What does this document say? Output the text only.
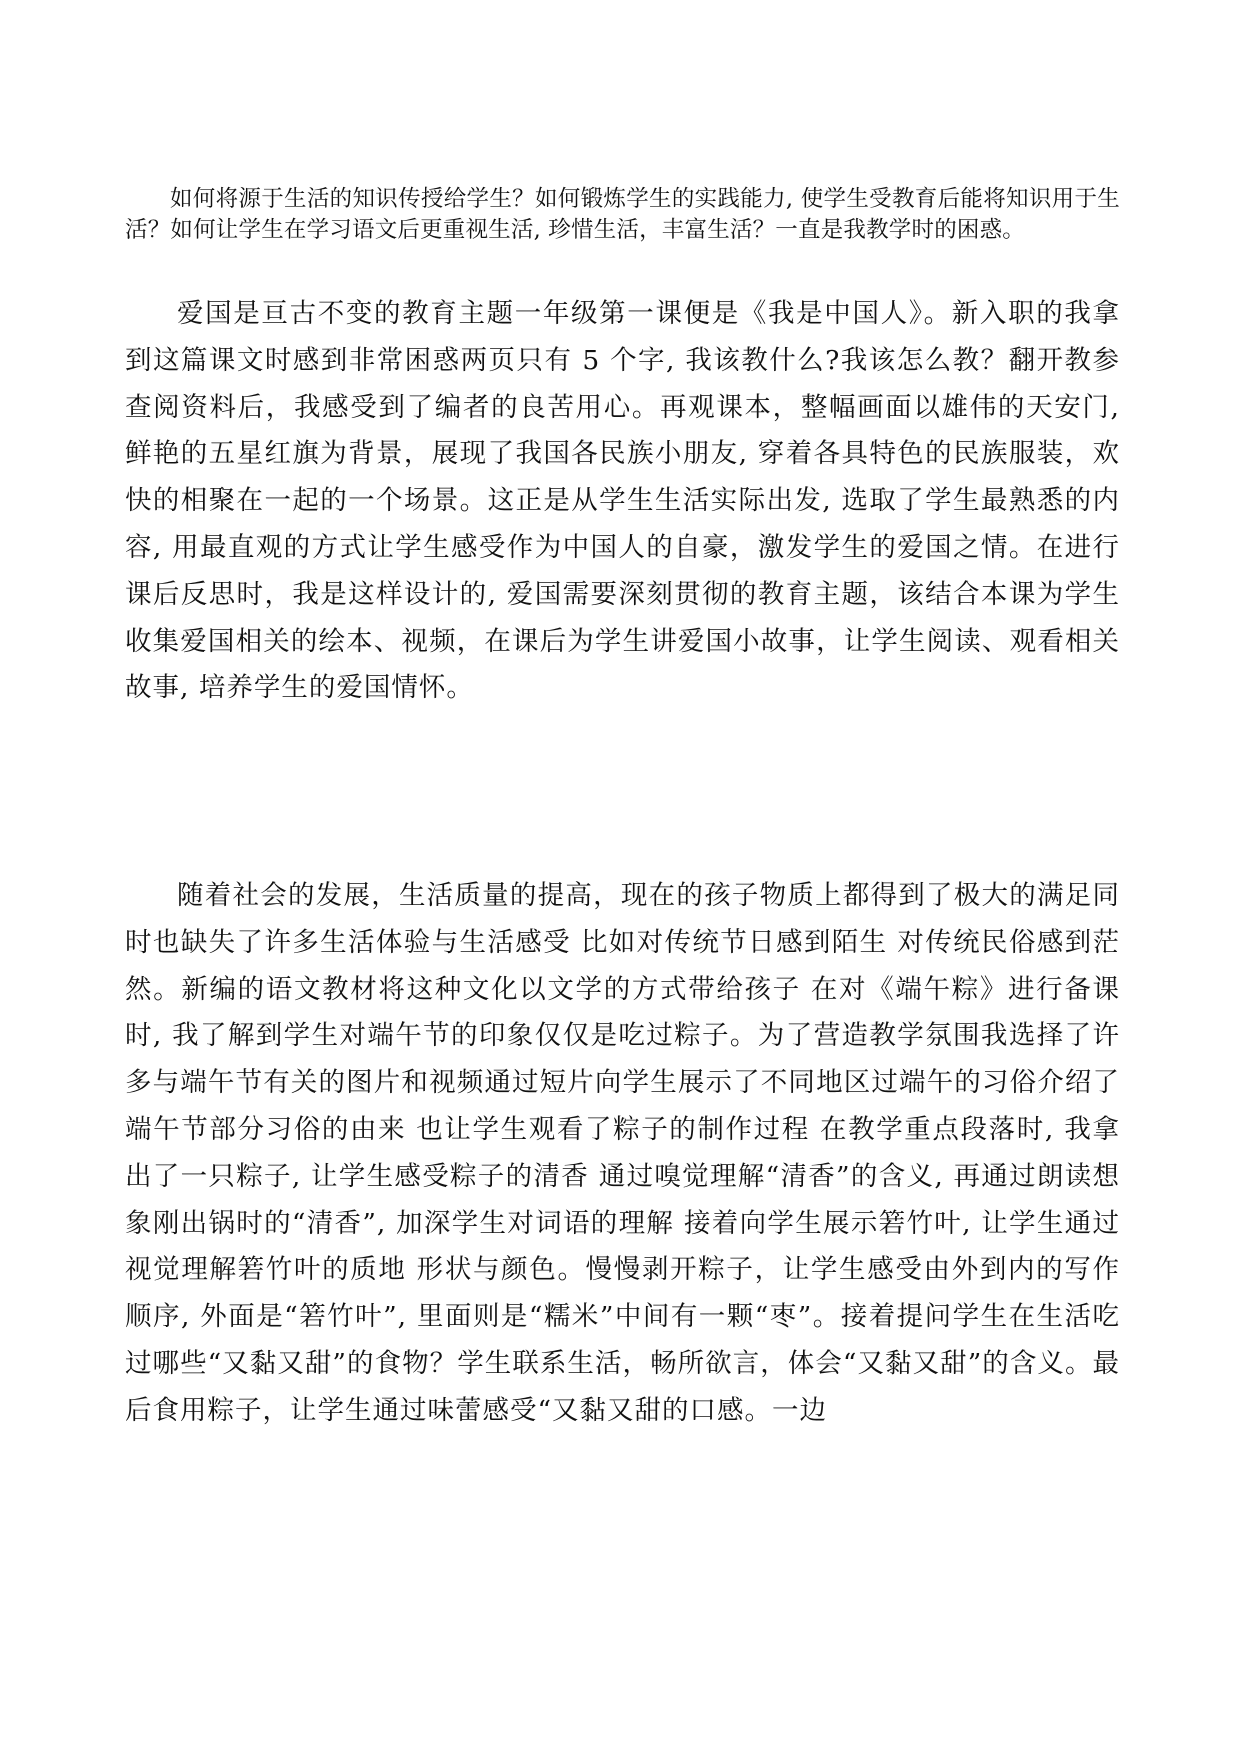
如何将源于生活的知识传授给学生？如何锻炼学生的实践能力, 使学生受教育后能将知识用于生活？如何让学生在学习语文后更重视生活, 珍惜生活，丰富生活？一直是我教学时的困惑。

爱国是亘古不变的教育主题一年级第一课便是《我是中国人》。新入职的我拿到这篇课文时感到非常困惑两页只有 5 个字, 我该教什么?我该怎么教？翻开教参查阅资料后，我感受到了编者的良苦用心。再观课本，整幅画面以雄伟的天安门, 鲜艳的五星红旗为背景，展现了我国各民族小朋友, 穿着各具特色的民族服装，欢快的相聚在一起的一个场景。这正是从学生生活实际出发, 选取了学生最熟悉的内容, 用最直观的方式让学生感受作为中国人的自豪，激发学生的爱国之情。在进行课后反思时，我是这样设计的, 爱国需要深刻贯彻的教育主题，该结合本课为学生收集爱国相关的绘本、视频，在课后为学生讲爱国小故事，让学生阅读、观看相关故事, 培养学生的爱国情怀。

随着社会的发展，生活质量的提高，现在的孩子物质上都得到了极大的满足同时也缺失了许多生活体验与生活感受 比如对传统节日感到陌生 对传统民俗感到茫然。新编的语文教材将这种文化以文学的方式带给孩子 在对《端午粽》进行备课时, 我了解到学生对端午节的印象仅仅是吃过粽子。为了营造教学氛围我选择了许多与端午节有关的图片和视频通过短片向学生展示了不同地区过端午的习俗介绍了端午节部分习俗的由来 也让学生观看了粽子的制作过程 在教学重点段落时, 我拿出了一只粽子, 让学生感受粽子的清香 通过嗅觉理解“清香”的含义, 再通过朗读想象刚出锅时的“清香”, 加深学生对词语的理解 接着向学生展示箬竹叶, 让学生通过视觉理解箬竹叶的质地 形状与颜色。慢慢剥开粽子，让学生感受由外到内的写作顺序, 外面是“箬竹叶”, 里面则是“糯米”中间有一颗“枣”。接着提问学生在生活吃过哪些“又黏又甜”的食物？学生联系生活，畅所欲言，体会“又黏又甜”的含义。最后食用粽子，让学生通过味蕾感受“又黏又甜的口感。一边
